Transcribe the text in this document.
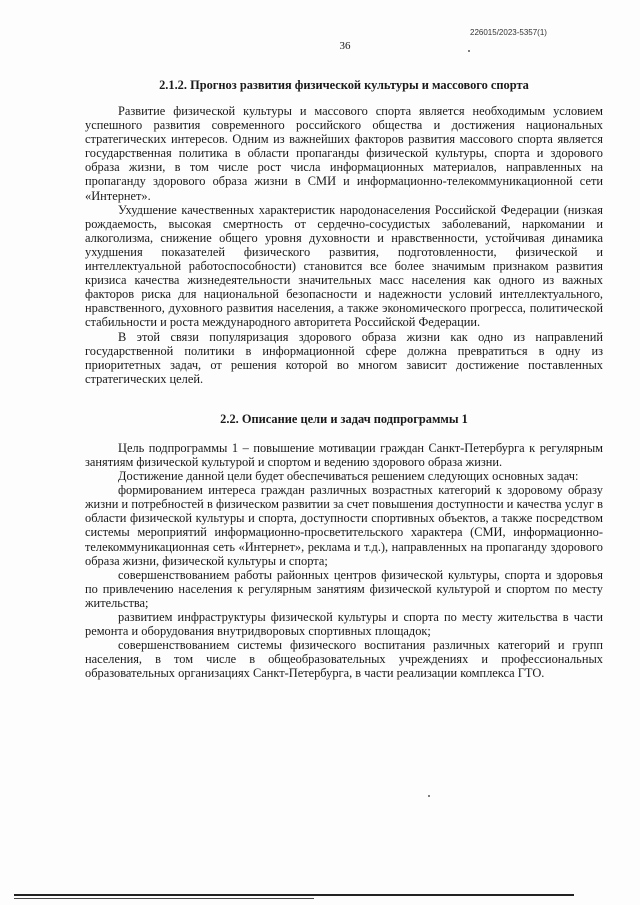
226015/2023-5357(1)
36
2.1.2. Прогноз развития физической культуры и массового спорта

Развитие физической культуры и массового спорта является необходимым условием успешного развития современного российского общества и достижения национальных стратегических интересов. Одним из важнейших факторов развития массового спорта является государственная политика в области пропаганды физической культуры, спорта и здорового образа жизни, в том числе рост числа информационных материалов, направленных на пропаганду здорового образа жизни в СМИ и информационно-телекоммуникационной сети «Интернет».

Ухудшение качественных характеристик народонаселения Российской Федерации (низкая рождаемость, высокая смертность от сердечно-сосудистых заболеваний, наркомании и алкоголизма, снижение общего уровня духовности и нравственности, устойчивая динамика ухудшения показателей физического развития, подготовленности, физической и интеллектуальной работоспособности) становится все более значимым признаком развития кризиса качества жизнедеятельности значительных масс населения как одного из важных факторов риска для национальной безопасности и надежности условий интеллектуального, нравственного, духовного развития населения, а также экономического прогресса, политической стабильности и роста международного авторитета Российской Федерации.

В этой связи популяризация здорового образа жизни как одно из направлений государственной политики в информационной сфере должна превратиться в одну из приоритетных задач, от решения которой во многом зависит достижение поставленных стратегических целей.

2.2. Описание цели и задач подпрограммы 1

Цель подпрограммы 1 – повышение мотивации граждан Санкт-Петербурга к регулярным занятиям физической культурой и спортом и ведению здорового образа жизни.

Достижение данной цели будет обеспечиваться решением следующих основных задач:

формированием интереса граждан различных возрастных категорий к здоровому образу жизни и потребностей в физическом развитии за счет повышения доступности и качества услуг в области физической культуры и спорта, доступности спортивных объектов, а также посредством системы мероприятий информационно-просветительского характера (СМИ, информационно-телекоммуникационная сеть «Интернет», реклама и т.д.), направленных на пропаганду здорового образа жизни, физической культуры и спорта;

совершенствованием работы районных центров физической культуры, спорта и здоровья по привлечению населения к регулярным занятиям физической культурой и спортом по месту жительства;

развитием инфраструктуры физической культуры и спорта по месту жительства в части ремонта и оборудования внутридворовых спортивных площадок;

совершенствованием системы физического воспитания различных категорий и групп населения, в том числе в общеобразовательных учреждениях и профессиональных образовательных организациях Санкт-Петербурга, в части реализации комплекса ГТО.
